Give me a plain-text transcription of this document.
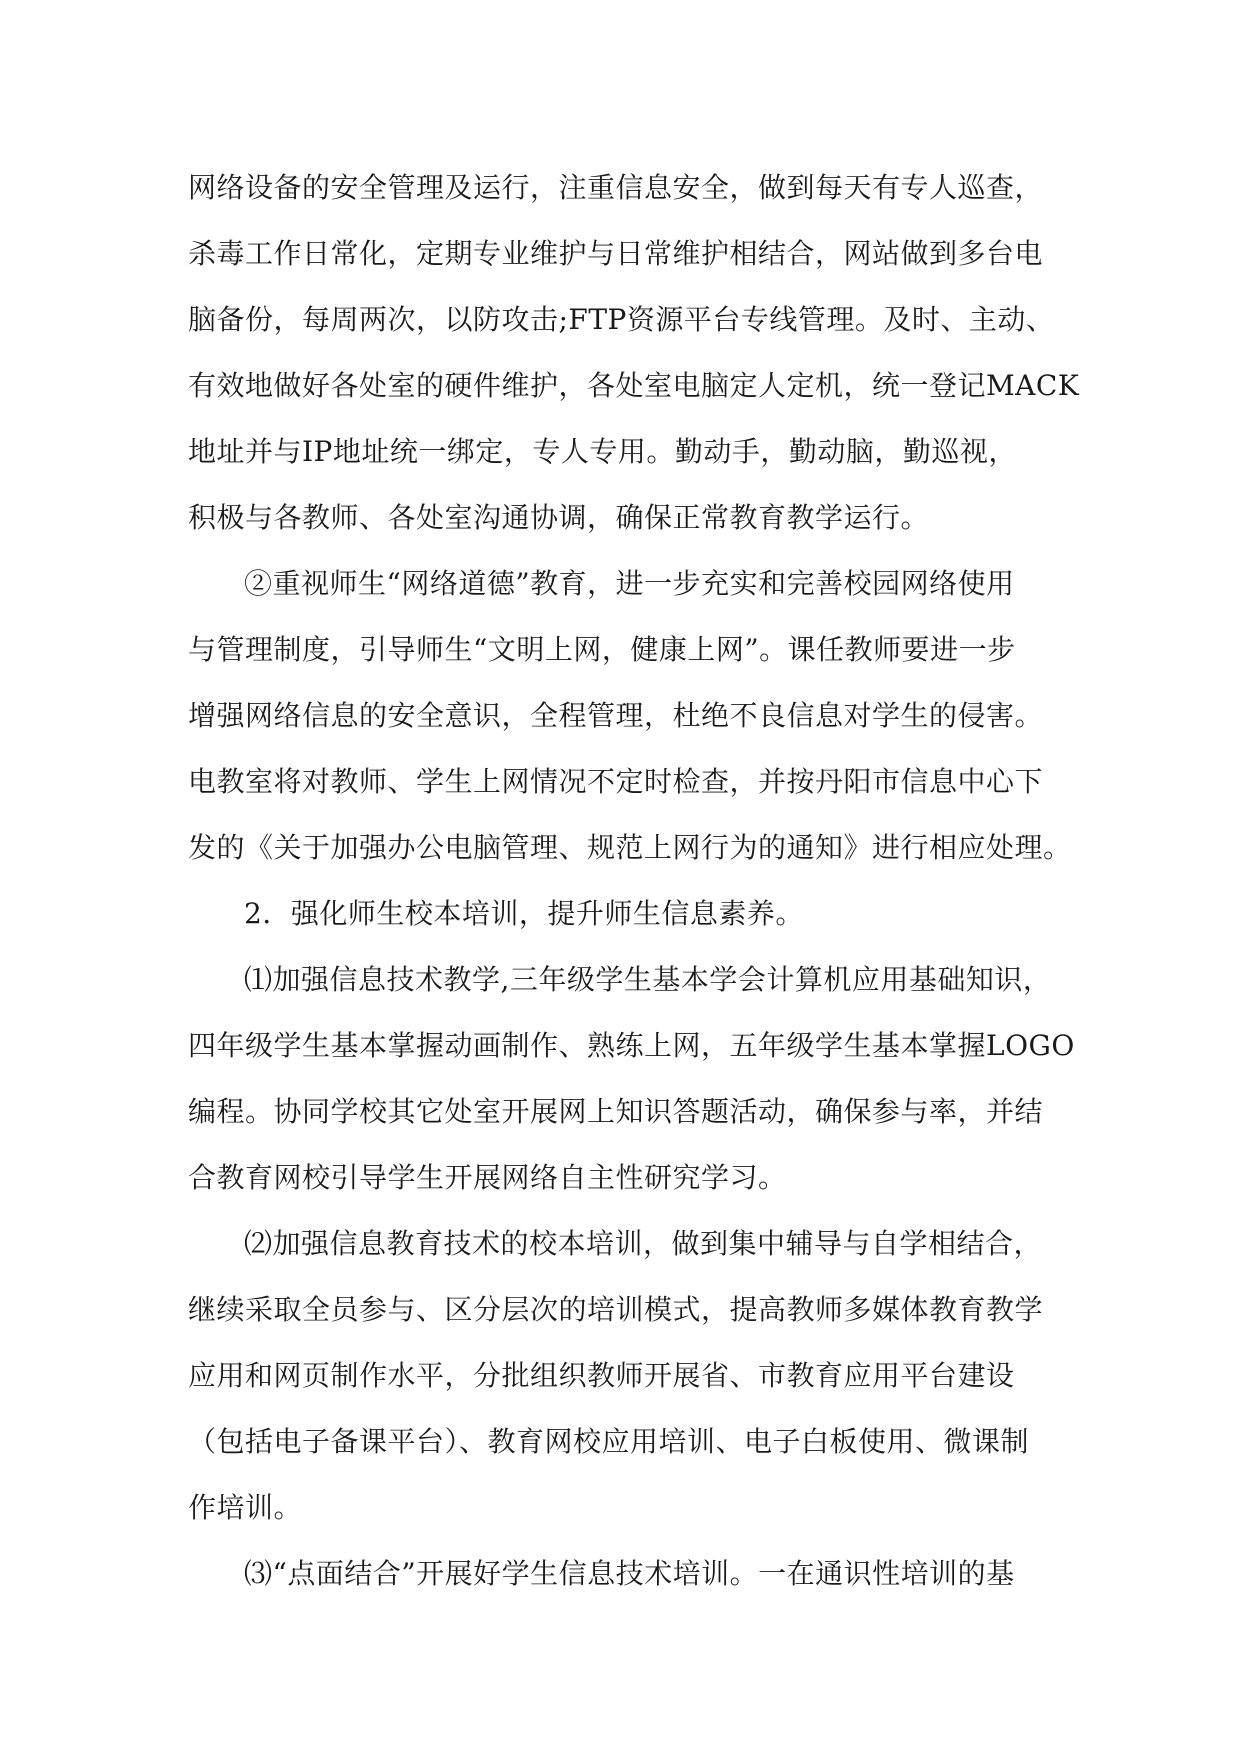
网络设备的安全管理及运行，注重信息安全，做到每天有专人巡查，
杀毒工作日常化，定期专业维护与日常维护相结合，网站做到多台电
脑备份，每周两次，以防攻击;FTP资源平台专线管理。及时、主动、
有效地做好各处室的硬件维护，各处室电脑定人定机，统一登记MACK
地址并与IP地址统一绑定，专人专用。勤动手，勤动脑，勤巡视，
积极与各教师、各处室沟通协调，确保正常教育教学运行。
②重视师生“网络道德”教育，进一步充实和完善校园网络使用
与管理制度，引导师生“文明上网，健康上网”。课任教师要进一步
增强网络信息的安全意识，全程管理，杜绝不良信息对学生的侵害。
电教室将对教师、学生上网情况不定时检查，并按丹阳市信息中心下
发的《关于加强办公电脑管理、规范上网行为的通知》进行相应处理。
2．强化师生校本培训，提升师生信息素养。
⑴加强信息技术教学,三年级学生基本学会计算机应用基础知识，
四年级学生基本掌握动画制作、熟练上网，五年级学生基本掌握LOGO
编程。协同学校其它处室开展网上知识答题活动，确保参与率，并结
合教育网校引导学生开展网络自主性研究学习。
⑵加强信息教育技术的校本培训，做到集中辅导与自学相结合，
继续采取全员参与、区分层次的培训模式，提高教师多媒体教育教学
应用和网页制作水平，分批组织教师开展省、市教育应用平台建设
（包括电子备课平台）、教育网校应用培训、电子白板使用、微课制
作培训。
⑶“点面结合”开展好学生信息技术培训。一在通识性培训的基
